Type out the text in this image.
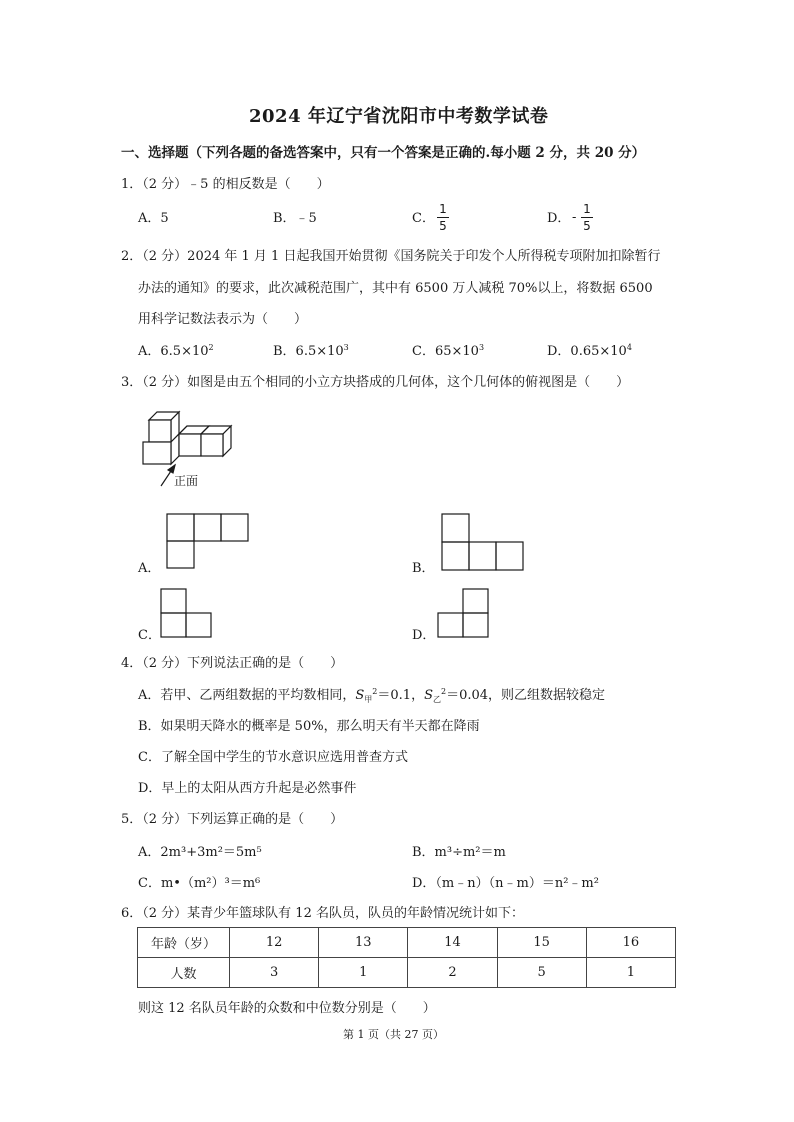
2024 年辽宁省沈阳市中考数学试卷
一、选择题（下列各题的备选答案中，只有一个答案是正确的.每小题 2 分，共 20 分）
1．（2 分）﹣5 的相反数是（　　）
A．5	B．﹣5	C．
1
5	D． -
1
5
2．（2 分）2024 年 1 月 1 日起我国开始贯彻《国务院关于印发个人所得税专项附加扣除暂行
办法的通知》的要求，此次减税范围广，其中有 6500 万人减税 70%以上，将数据 6500
用科学记数法表示为（　　）
A．$6.5\times 10^2$	B．$6.5\times 10^3$	C．$65\times 10^3$	D．$0.65\times 10^4$
3．（2 分）如图是由五个相同的小立方块搭成的几何体，这个几何体的俯视图是（　　）
正面
A．	B．
C．	D．
4．（2 分）下列说法正确的是（　　）
A．若甲、乙两组数据的平均数相同，$S_甲^2=0.1$，$S_乙^2=0.04$，则乙组数据较稳定
B．如果明天降水的概率是 50%，那么明天有半天都在降雨
C．了解全国中学生的节水意识应选用普查方式
D．早上的太阳从西方升起是必然事件
5．（2 分）下列运算正确的是（　　）
A．2m³+3m²＝5m⁵	B．m³÷m²＝m
C．m•（m²）³＝m⁶	D．（m﹣n）（n﹣m）＝n²﹣m²
6．（2 分）某青少年篮球队有 12 名队员，队员的年龄情况统计如下：
年龄（岁）	12	13	14	15	16
人数	3	1	2	5	1
则这 12 名队员年龄的众数和中位数分别是（　　）
第 1 页（共 27 页）
